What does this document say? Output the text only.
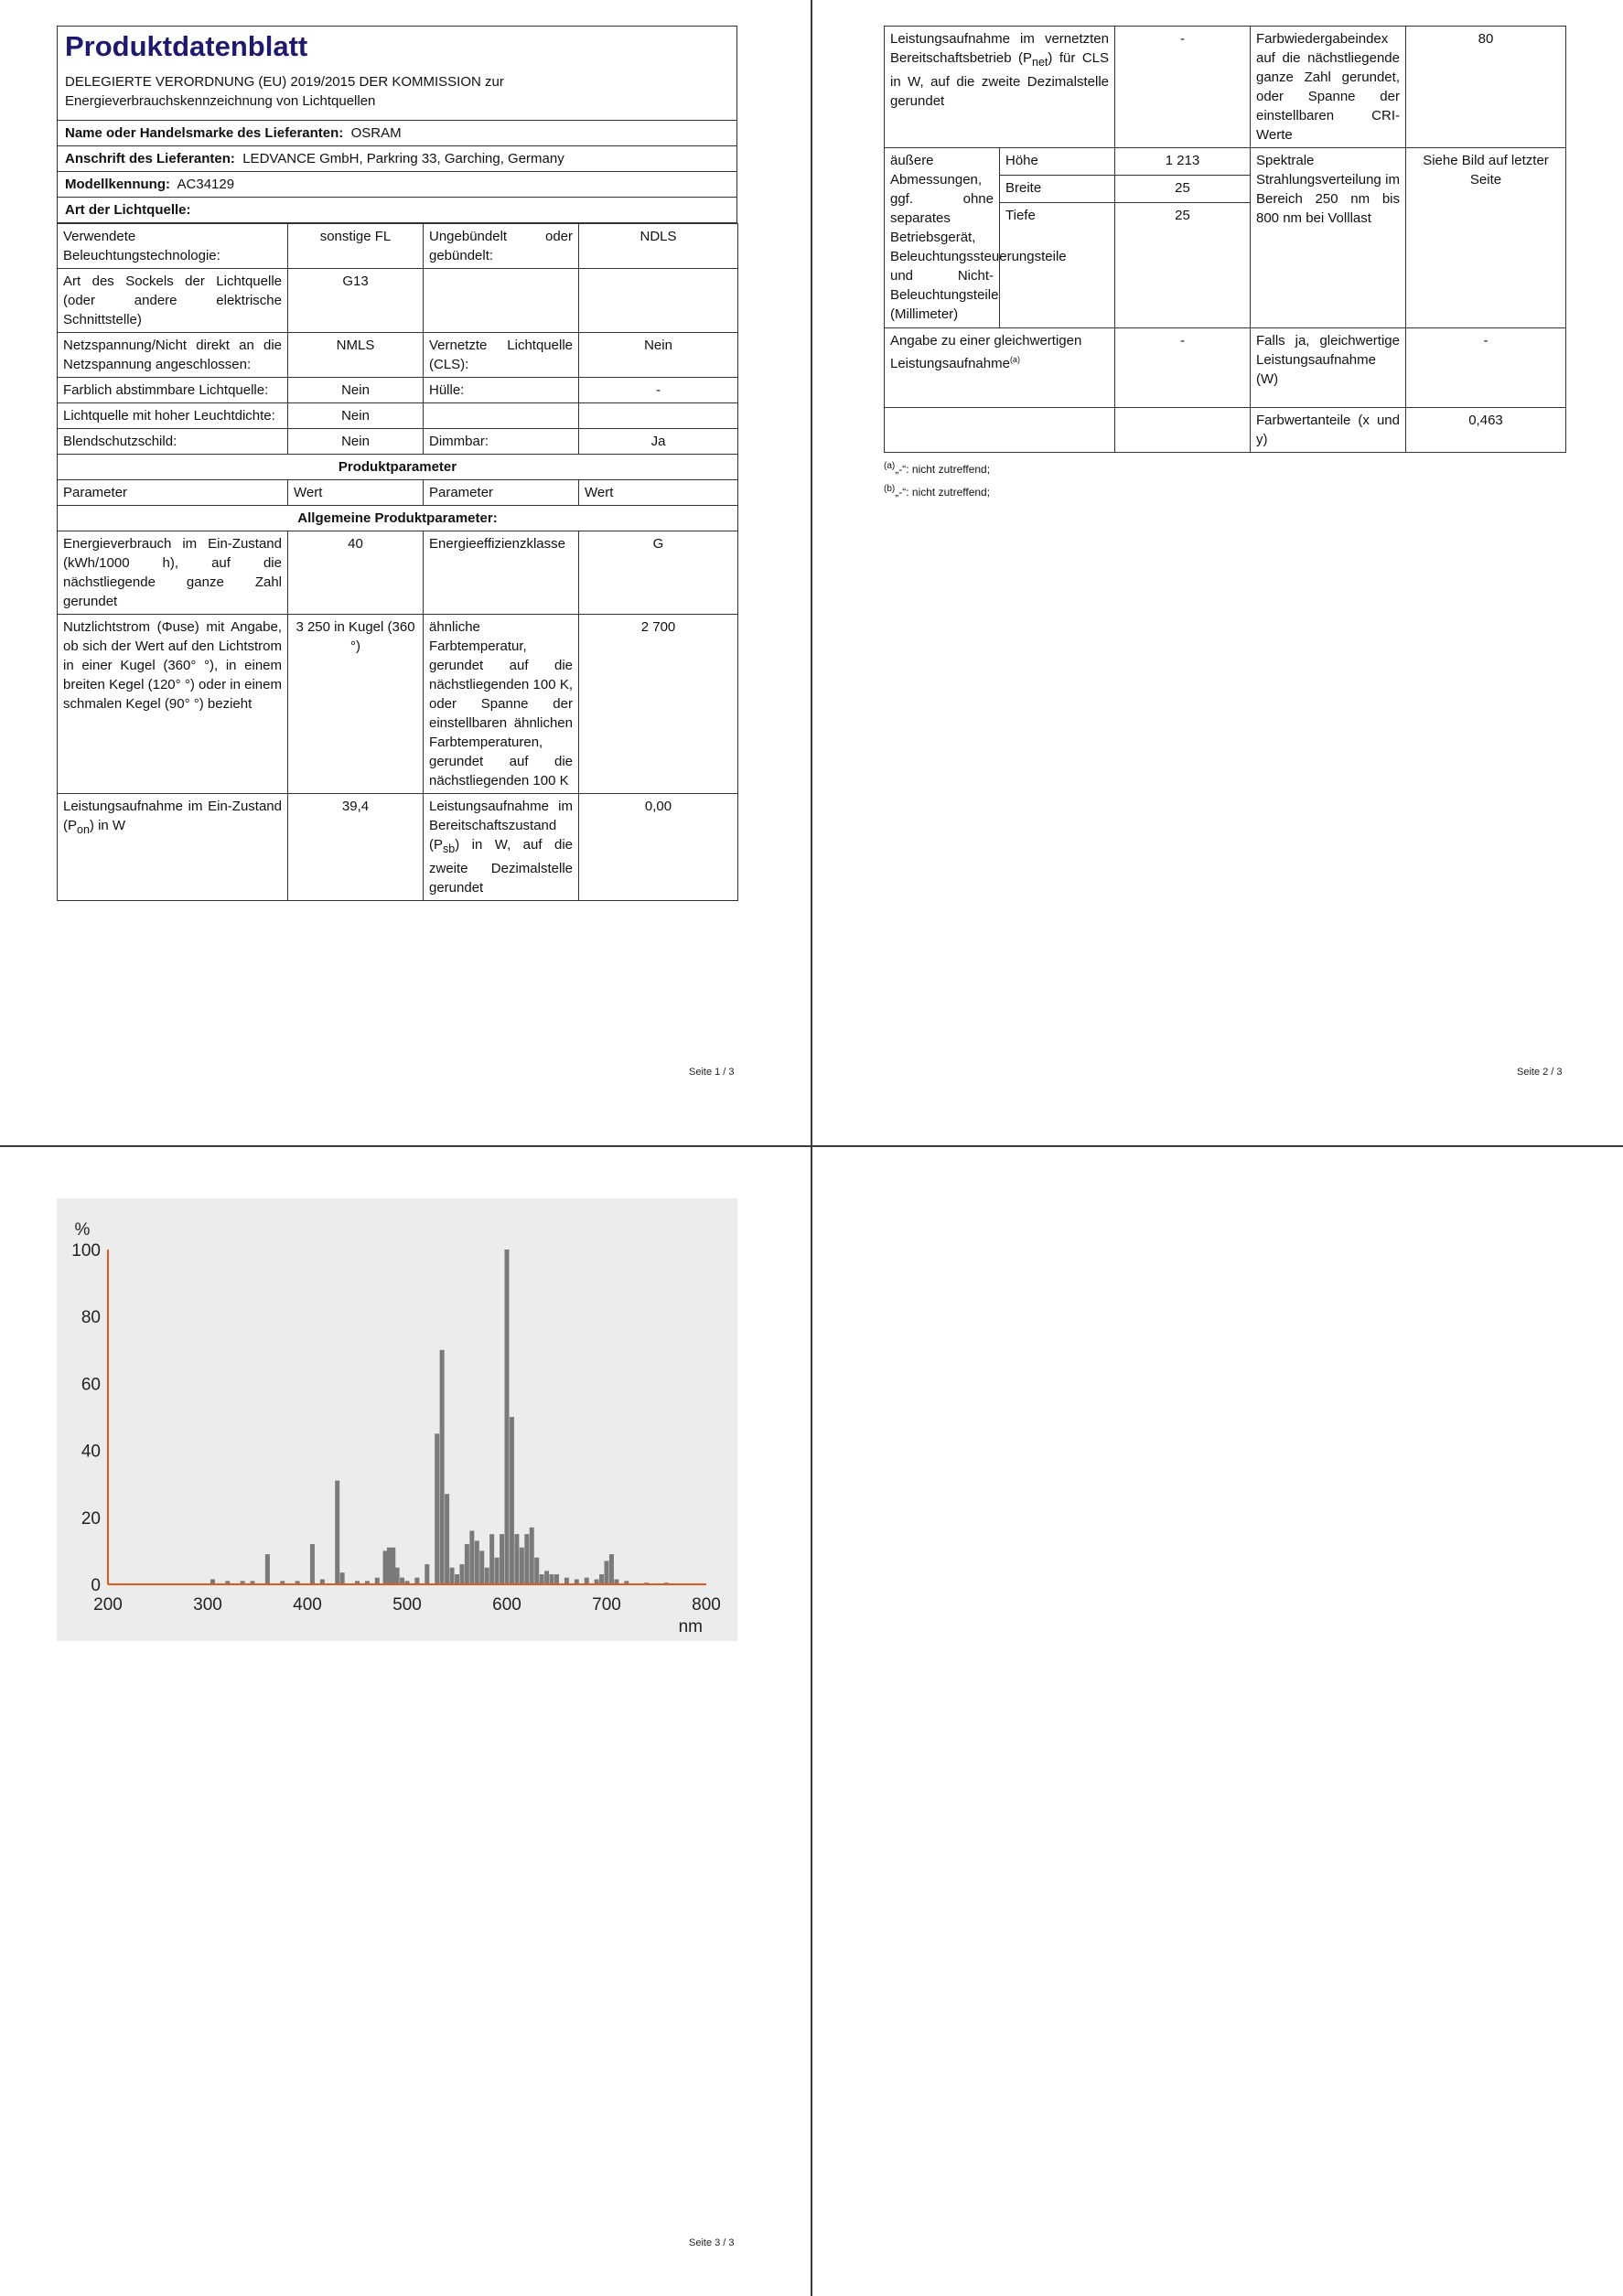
Produktdatenblatt
DELEGIERTE VERORDNUNG (EU) 2019/2015 DER KOMMISSION zur
Energieverbrauchskennzeichnung von Lichtquellen
Name oder Handelsmarke des Lieferanten: OSRAM
Anschrift des Lieferanten: LEDVANCE GmbH, Parkring 33, Garching, Germany
Modellkennung: AC34129
Art der Lichtquelle:
Verwendete Beleuchtungstechnologie:	sonstige FL	Ungebündelt oder gebündelt:	NDLS
Art des Sockels der Lichtquelle (oder andere elektrische Schnittstelle)	G13		
Netzspannung/Nicht direkt an die Netzspannung angeschlossen:	NMLS	Vernetzte Lichtquelle (CLS):	Nein
Farblich abstimmbare Lichtquelle:	Nein	Hülle:	-
Lichtquelle mit hoher Leuchtdichte:	Nein		
Blendschutzschild:	Nein	Dimmbar:	Ja
Produktparameter			
Parameter	Wert	Parameter	Wert
Allgemeine Produktparameter:			
Energieverbrauch im Ein-Zustand (kWh/1000 h), auf die nächstliegende ganze Zahl gerundet	40	Energieeffizienzklasse	G
Nutzlichtstrom (Φuse) mit Angabe, ob sich der Wert auf den Lichtstrom in einer Kugel (360° °), in einem breiten Kegel (120° °) oder in einem schmalen Kegel (90° °) bezieht	3 250 in Kugel (360 °)	ähnliche Farbtemperatur, gerundet auf die nächstliegenden 100 K, oder Spanne der einstellbaren ähnlichen Farbtemperaturen, gerundet auf die nächstliegenden 100 K	2 700
Leistungsaufnahme im Ein-Zustand $(P_{on})$ in W	39,4	Leistungsaufnahme im Bereitschaftszustand $(P_{sb})$ in W, auf die zweite Dezimalstelle gerundet	0,00
Seite 1 / 3
Leistungsaufnahme im vernetzten Bereitschaftsbetrieb $(P_{net})$ für CLS in W, auf die zweite Dezimalstelle gerundet		-	Farbwiedergabeindex auf die nächstliegende ganze Zahl gerundet, oder Spanne der einstellbaren CRI-Werte	80
äußere Abmessungen, ggf. ohne separates Betriebsgerät, Beleuchtungssteuerungsteile und Nicht-Beleuchtungsteile (Millimeter)	Höhe	1 213	Spektrale Strahlungsverteilung im Bereich 250 nm bis 800 nm bei Volllast	Siehe Bild auf letzter Seite
	Breite	25		
	Tiefe	25		
Angabe zu einer gleichwertigen Leistungsaufnahme$^{(a)}$		-	Falls ja, gleichwertige Leistungsaufnahme (W)	-
			Farbwertanteile (x und y)	0,463
$^{(a)}$„-“: nicht zutreffend;
$^{(b)}$„-“: nicht zutreffend;
Seite 2 / 3
0
20
40
60
80
100
200	300	400	500	600	700	800
%
nm
Seite 3 / 3
